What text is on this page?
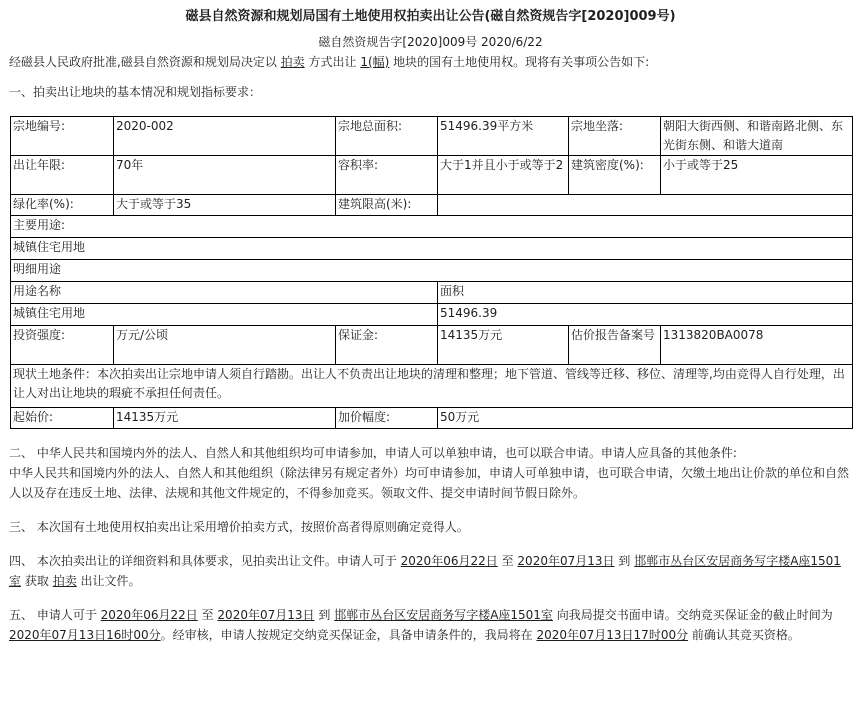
磁县自然资源和规划局国有土地使用权拍卖出让公告(磁自然资规告字[2020]009号)
磁自然资规告字[2020]009号 2020/6/22

经磁县人民政府批准,磁县自然资源和规划局决定以 拍卖 方式出让 1(幅) 地块的国有土地使用权。现将有关事项公告如下:

一、拍卖出让地块的基本情况和规划指标要求：

宗地编号:	2020-002	宗地总面积:	51496.39平方米	宗地坐落:	朝阳大街西侧、和谐南路北侧、东光街东侧、和谐大道南
出让年限:	70年	容积率:	大于1并且小于或等于2	建筑密度(%):	小于或等于25
绿化率(%):	大于或等于35	建筑限高(米):			
主要用途:					
城镇住宅用地					
明细用途					
用途名称			面积		
城镇住宅用地			51496.39		
投资强度:	万元/公顷	保证金:	14135万元	估价报告备案号	1313820BA0078
现状土地条件：本次拍卖出让宗地申请人须自行踏勘。出让人不负责出让地块的清理和整理；地下管道、管线等迁移、移位、清理等,均由竞得人自行处理，出让人对出让地块的瑕疵不承担任何责任。					
起始价:	14135万元	加价幅度:	50万元		

二、 中华人民共和国境内外的法人、自然人和其他组织均可申请参加，申请人可以单独申请，也可以联合申请。申请人应具备的其他条件:

中华人民共和国境内外的法人、自然人和其他组织（除法律另有规定者外）均可申请参加，申请人可单独申请，也可联合申请，欠缴土地出让价款的单位和自然人以及存在违反土地、法律、法规和其他文件规定的，不得参加竞买。领取文件、提交申请时间节假日除外。

三、 本次国有土地使用权拍卖出让采用增价拍卖方式，按照价高者得原则确定竞得人。

四、 本次拍卖出让的详细资料和具体要求，见拍卖出让文件。申请人可于 2020年06月22日 至 2020年07月13日 到 邯郸市丛台区安居商务写字楼A座1501室 获取 拍卖 出让文件。

五、 申请人可于 2020年06月22日 至 2020年07月13日 到 邯郸市丛台区安居商务写字楼A座1501室 向我局提交书面申请。交纳竞买保证金的截止时间为2020年07月13日16时00分。经审核，申请人按规定交纳竞买保证金，具备申请条件的，我局将在 2020年07月13日17时00分 前确认其竞买资格。
